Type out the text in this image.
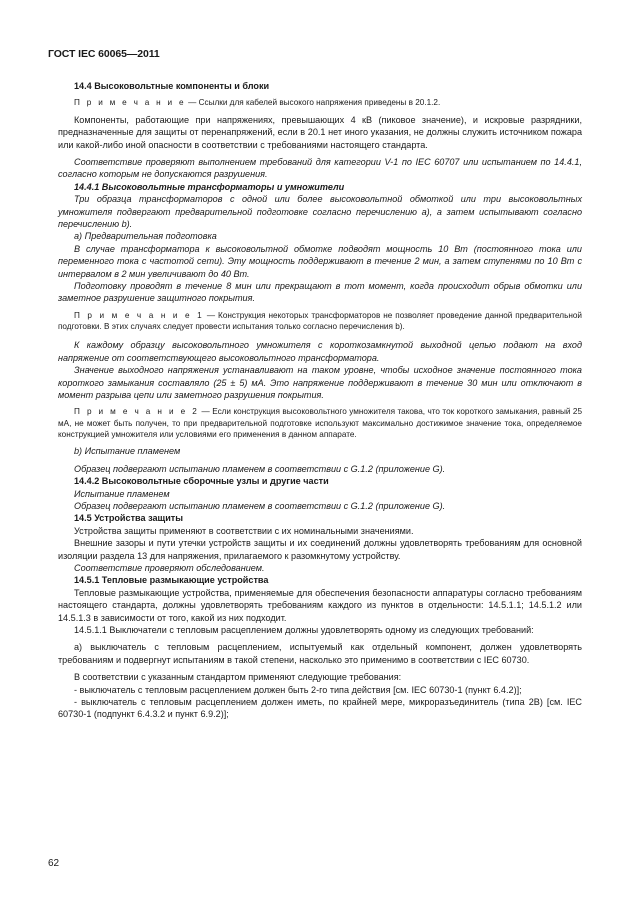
ГОСТ IEC 60065—2011

14.4 Высоковольтные компоненты и блоки

П р и м е ч а н и е — Ссылки для кабелей высокого напряжения приведены в 20.1.2.

Компоненты, работающие при напряжениях, превышающих 4 кВ (пиковое значение), и искровые разрядники, предназначенные для защиты от перенапряжений, если в 20.1 нет иного указания, не должны служить источником пожара или какой-либо иной опасности в соответствии с требованиями настоящего стандарта.

Соответствие проверяют выполнением требований для категории V-1 по IEC 60707 или испытанием по 14.4.1, согласно которым не допускаются разрушения.

14.4.1 Высоковольтные трансформаторы и умножители

Три образца трансформаторов с одной или более высоковольтной обмоткой или три высоковольтных умножителя подвергают предварительной подготовке согласно перечислению a), а затем испытывают согласно перечислению b).

a) Предварительная подготовка

В случае трансформатора к высоковольтной обмотке подводят мощность 10 Вт (постоянного тока или переменного тока с частотой сети). Эту мощность поддерживают в течение 2 мин, а затем ступенями по 10 Вт с интервалом в 2 мин увеличивают до 40 Вт.

Подготовку проводят в течение 8 мин или прекращают в тот момент, когда происходит обрыв обмотки или заметное разрушение защитного покрытия.

П р и м е ч а н и е 1 — Конструкция некоторых трансформаторов не позволяет проведение данной предварительной подготовки. В этих случаях следует провести испытания только согласно перечисления b).

К каждому образцу высоковольтного умножителя с короткозамкнутой выходной цепью подают на вход напряжение от соответствующего высоковольтного трансформатора.

Значение выходного напряжения устанавливают на таком уровне, чтобы исходное значение постоянного тока короткого замыкания составляло (25 ± 5) мА. Это напряжение поддерживают в течение 30 мин или отключают в момент разрыва цепи или заметного разрушения покрытия.

П р и м е ч а н и е 2 — Если конструкция высоковольтного умножителя такова, что ток короткого замыкания, равный 25 мА, не может быть получен, то при предварительной подготовке используют максимально достижимое значение тока, определяемое конструкцией умножителя или условиями его применения в данном аппарате.

b) Испытание пламенем

Образец подвергают испытанию пламенем в соответствии с G.1.2 (приложение G).

14.4.2 Высоковольтные сборочные узлы и другие части

Испытание пламенем

Образец подвергают испытанию пламенем в соответствии с G.1.2 (приложение G).

14.5 Устройства защиты

Устройства защиты применяют в соответствии с их номинальными значениями.

Внешние зазоры и пути утечки устройств защиты и их соединений должны удовлетворять требованиям для основной изоляции раздела 13 для напряжения, прилагаемого к разомкнутому устройству.

Соответствие проверяют обследованием.

14.5.1 Тепловые размыкающие устройства

Тепловые размыкающие устройства, применяемые для обеспечения безопасности аппаратуры согласно требованиям настоящего стандарта, должны удовлетворять требованиям каждого из пунктов в отдельности: 14.5.1.1; 14.5.1.2 или 14.5.1.3 в зависимости от того, какой из них подходит.

14.5.1.1 Выключатели с тепловым расцеплением должны удовлетворять одному из следующих требований:

a) выключатель с тепловым расцеплением, испытуемый как отдельный компонент, должен удовлетворять требованиям и подвергнут испытаниям в такой степени, насколько это применимо в соответствии с IEC 60730.

В соответствии с указанным стандартом применяют следующие требования:

- выключатель с тепловым расцеплением должен быть 2-го типа действия [см. IEC 60730-1 (пункт 6.4.2)];

- выключатель с тепловым расцеплением должен иметь, по крайней мере, микроразъединитель (типа 2B) [см. IEC 60730-1 (подпункт 6.4.3.2 и пункт 6.9.2)];

62
